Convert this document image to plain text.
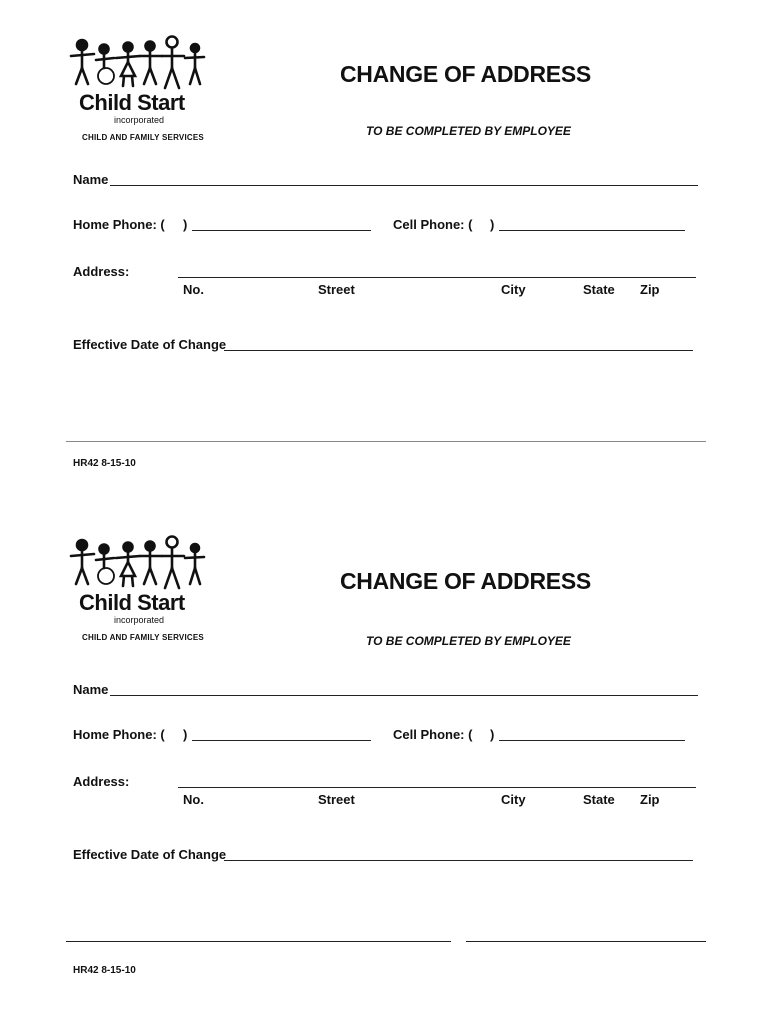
Child Start
incorporated
CHILD AND FAMILY SERVICES
CHANGE OF ADDRESS
TO BE COMPLETED BY EMPLOYEE
Name
Home Phone: ( )	Cell Phone: ( )
Address:
No.	Street	City	State Zip
Effective Date of Change
HR42 8-15-10
Child Start
incorporated
CHILD AND FAMILY SERVICES
CHANGE OF ADDRESS
TO BE COMPLETED BY EMPLOYEE
Name
Home Phone: ( )	Cell Phone: ( )
Address:
No.	Street	City	State Zip
Effective Date of Change
HR42 8-15-10
